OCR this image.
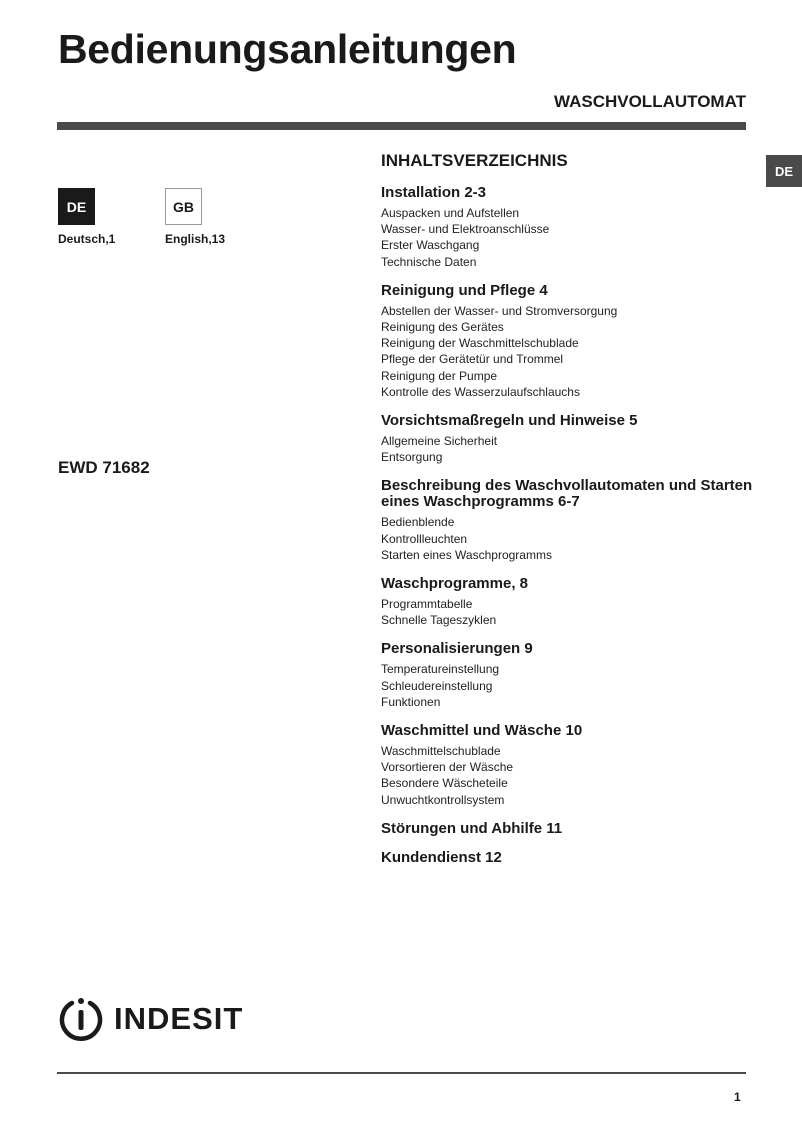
Bedienungsanleitungen
WASCHVOLLAUTOMAT
DE
Deutsch,1
GB
English,13
EWD 71682
DE
INHALTSVERZEICHNIS
Installation 2-3
Auspacken und Aufstellen
Wasser- und Elektroanschlüsse
Erster Waschgang
Technische Daten
Reinigung und Pflege 4
Abstellen der Wasser- und Stromversorgung
Reinigung des Gerätes
Reinigung der Waschmittelschublade
Pflege der Gerätetür und Trommel
Reinigung der Pumpe
Kontrolle des Wasserzulaufschlauchs
Vorsichtsmaßregeln und Hinweise 5
Allgemeine Sicherheit
Entsorgung
Beschreibung des Waschvollautomaten und Starten eines Waschprogramms 6-7
Bedienblende
Kontrollleuchten
Starten eines Waschprogramms
Waschprogramme, 8
Programmtabelle
Schnelle Tageszyklen
Personalisierungen 9
Temperatureinstellung
Schleudereinstellung
Funktionen
Waschmittel und Wäsche 10
Waschmittelschublade
Vorsortieren der Wäsche
Besondere Wäscheteile
Unwuchtkontrollsystem
Störungen und Abhilfe 11
Kundendienst 12
INDESIT
1
